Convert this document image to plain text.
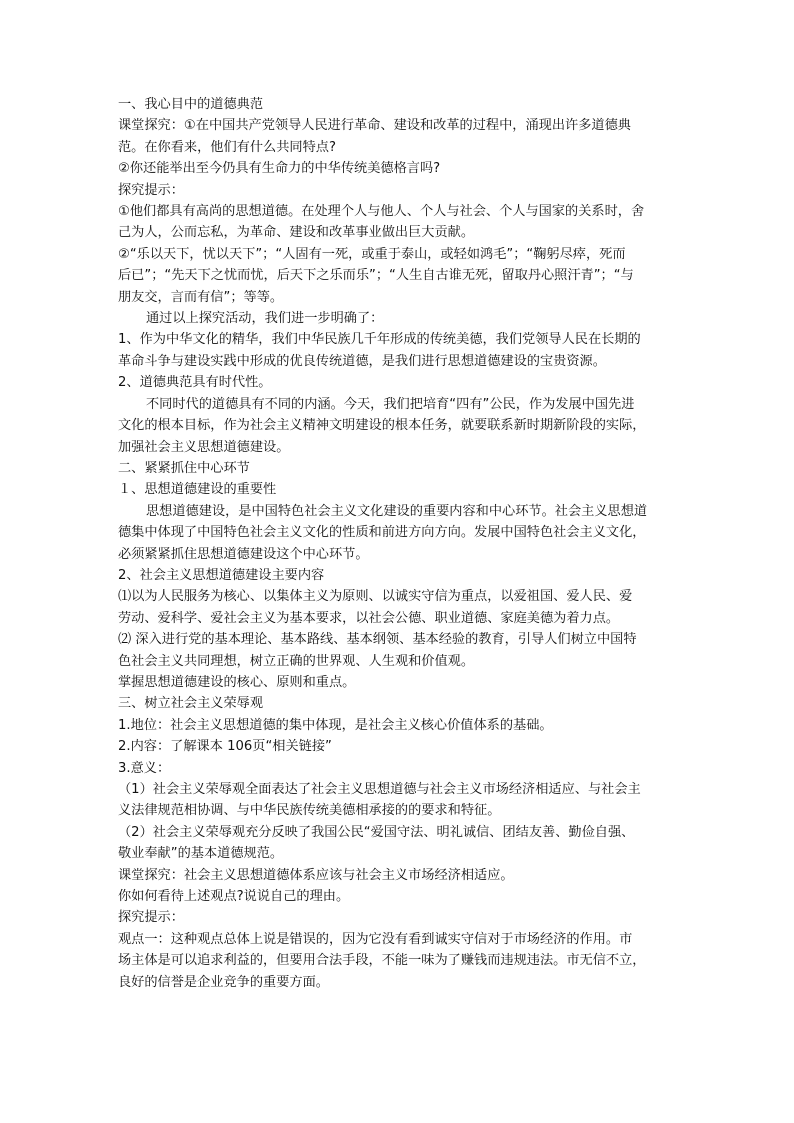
一、我心目中的道德典范
课堂探究：①在中国共产党领导人民进行革命、建设和改革的过程中，涌现出许多道德典
范。在你看来，他们有什么共同特点?
②你还能举出至今仍具有生命力的中华传统美德格言吗?
探究提示：
①他们都具有高尚的思想道德。在处理个人与他人、个人与社会、个人与国家的关系时，舍
己为人，公而忘私，为革命、建设和改革事业做出巨大贡献。
②“乐以天下，忧以天下”；“人固有一死，或重于泰山，或轻如鸿毛”；“鞠躬尽瘁，死而
后已”；“先天下之忧而忧，后天下之乐而乐”；“人生自古谁无死，留取丹心照汗青”；“与
朋友交，言而有信”；等等。
通过以上探究活动，我们进一步明确了：
1、作为中华文化的精华，我们中华民族几千年形成的传统美德，我们党领导人民在长期的
革命斗争与建设实践中形成的优良传统道德，是我们进行思想道德建设的宝贵资源。
2、道德典范具有时代性。
不同时代的道德具有不同的内涵。今天，我们把培育“四有”公民，作为发展中国先进
文化的根本目标，作为社会主义精神文明建设的根本任务，就要联系新时期新阶段的实际，
加强社会主义思想道德建设。
二、紧紧抓住中心环节
１、思想道德建设的重要性
思想道德建设，是中国特色社会主义文化建设的重要内容和中心环节。社会主义思想道
德集中体现了中国特色社会主义文化的性质和前进方向方向。发展中国特色社会主义文化，
必须紧紧抓住思想道德建设这个中心环节。
2、社会主义思想道德建设主要内容
⑴以为人民服务为核心、以集体主义为原则、以诚实守信为重点，以爱祖国、爱人民、爱
劳动、爱科学、爱社会主义为基本要求，以社会公德、职业道德、家庭美德为着力点。
⑵ 深入进行党的基本理论、基本路线、基本纲领、基本经验的教育，引导人们树立中国特
色社会主义共同理想，树立正确的世界观、人生观和价值观。
掌握思想道德建设的核心、原则和重点。
三、树立社会主义荣辱观
1.地位：社会主义思想道德的集中体现，是社会主义核心价值体系的基础。
2.内容：了解课本 106页“相关链接”
3.意义：
（1）社会主义荣辱观全面表达了社会主义思想道德与社会主义市场经济相适应、与社会主
义法律规范相协调、与中华民族传统美德相承接的的要求和特征。
（2）社会主义荣辱观充分反映了我国公民“爱国守法、明礼诚信、团结友善、勤俭自强、
敬业奉献”的基本道德规范。
课堂探究：社会主义思想道德体系应该与社会主义市场经济相适应。
你如何看待上述观点?说说自己的理由。
探究提示：
观点一：这种观点总体上说是错误的，因为它没有看到诚实守信对于市场经济的作用。市
场主体是可以追求利益的，但要用合法手段，不能一味为了赚钱而违规违法。市无信不立，
良好的信誉是企业竞争的重要方面。
